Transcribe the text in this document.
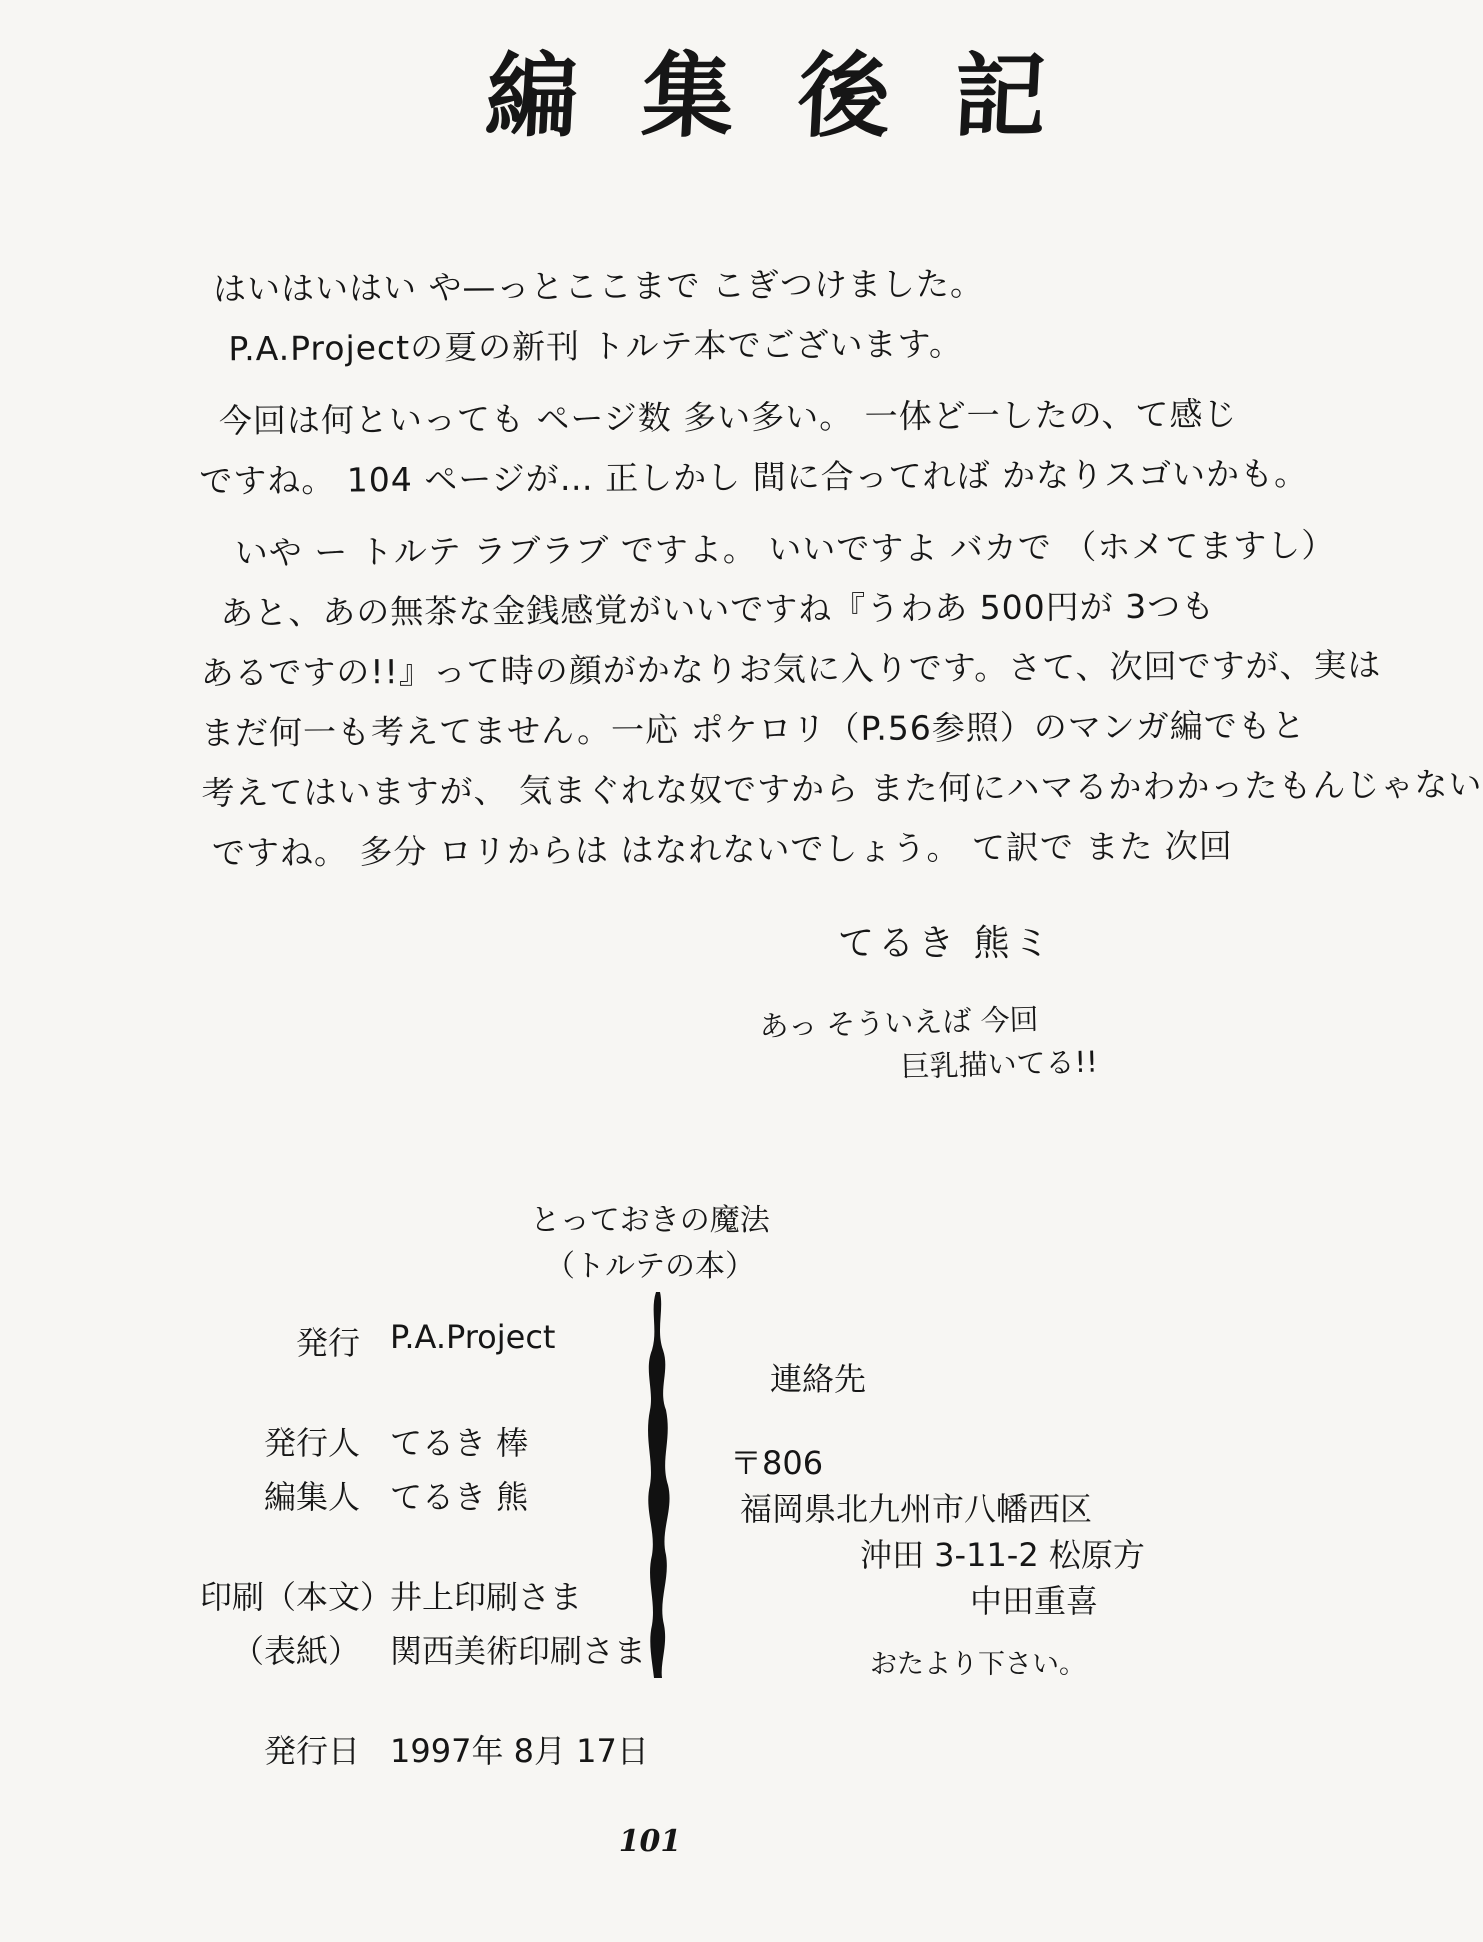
編 集 後 記
はいはいはい や—っとここまで こぎつけました。
P.A.Projectの夏の新刊 トルテ本でございます。
今回は何といっても ページ数 多い多い。 一体ど一したの、て感じ
ですね。 104 ページが… 正しかし 間に合ってれば かなりスゴいかも。
いや ー トルテ ラブラブ ですよ。 いいですよ バカで （ホメてますし）
あと、あの無茶な金銭感覚がいいですね『うわあ 500円が 3つも
あるですの!!』って時の顔がかなりお気に入りです。さて、次回ですが、実は
まだ何一も考えてません。一応 ポケロリ（P.56参照）のマンガ編でもと
考えてはいますが、 気まぐれな奴ですから また何にハマるかわかったもんじゃない
ですね。 多分 ロリからは はなれないでしょう。 て訳で また 次回
てるき 熊ミ
あっ そういえば 今回
巨乳描いてる!!
とっておきの魔法
（トルテの本）
発行 P.A.Project
発行人 てるき 棒
編集人 てるき 熊
印刷（本文）
井上印刷さま
（表紙） 関西美術印刷さま
発行日 1997年 8月 17日
連絡先
〒806
福岡県北九州市八幡西区
沖田 3-11-2 松原方
中田重喜
おたより下さい。
101
